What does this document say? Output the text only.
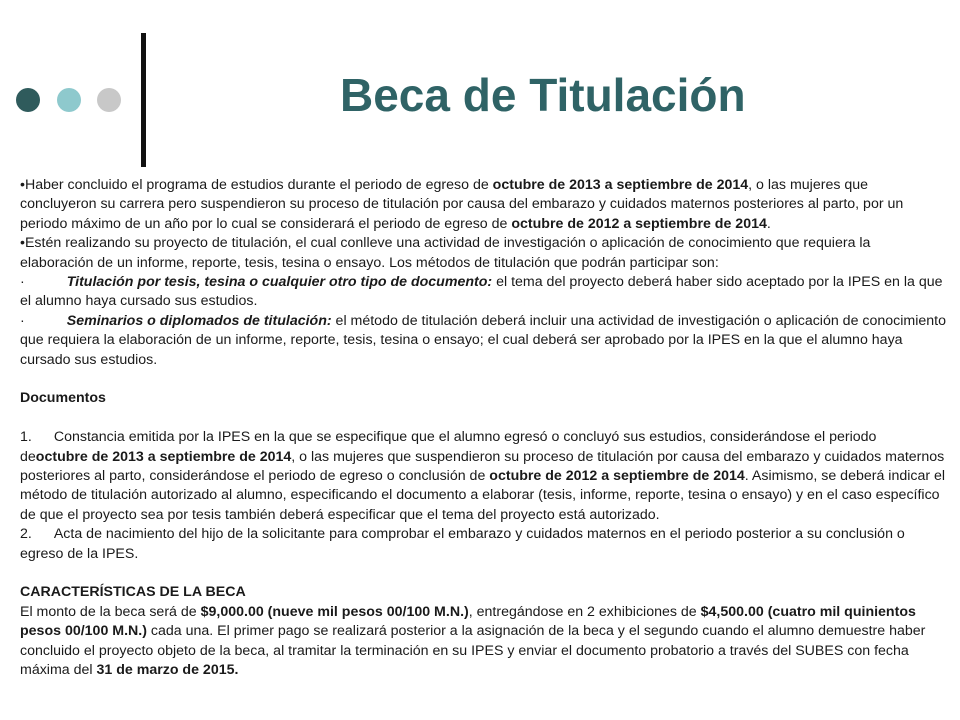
Beca de Titulación

•Haber concluido el programa de estudios durante el periodo de egreso de octubre de 2013 a septiembre de 2014, o las mujeres que concluyeron su carrera pero suspendieron su proceso de titulación por causa del embarazo y cuidados maternos posteriores al parto, por un periodo máximo de un año por lo cual se considerará el periodo de egreso de octubre de 2012 a septiembre de 2014.

•Estén realizando su proyecto de titulación, el cual conlleve una actividad de investigación o aplicación de conocimiento que requiera la elaboración de un informe, reporte, tesis, tesina o ensayo. Los métodos de titulación que podrán participar son:

·	Titulación por tesis, tesina o cualquier otro tipo de documento: el tema del proyecto deberá haber sido aceptado por la IPES en la que el alumno haya cursado sus estudios.

·	Seminarios o diplomados de titulación: el método de titulación deberá incluir una actividad de investigación o aplicación de conocimiento que requiera la elaboración de un informe, reporte, tesis, tesina o ensayo; el cual deberá ser aprobado por la IPES en la que el alumno haya cursado sus estudios.

Documentos

1. Constancia emitida por la IPES en la que se especifique que el alumno egresó o concluyó sus estudios, considerándose el periodo deoctubre de 2013 a septiembre de 2014, o las mujeres que suspendieron su proceso de titulación por causa del embarazo y cuidados maternos posteriores al parto, considerándose el periodo de egreso o conclusión de octubre de 2012 a septiembre de 2014. Asimismo, se deberá indicar el método de titulación autorizado al alumno, especificando el documento a elaborar (tesis, informe, reporte, tesina o ensayo) y en el caso específico de que el proyecto sea por tesis también deberá especificar que el tema del proyecto está autorizado.

2. Acta de nacimiento del hijo de la solicitante para comprobar el embarazo y cuidados maternos en el periodo posterior a su conclusión o egreso de la IPES.

CARACTERÍSTICAS DE LA BECA

El monto de la beca será de $9,000.00 (nueve mil pesos 00/100 M.N.), entregándose en 2 exhibiciones de $4,500.00 (cuatro mil quinientos pesos 00/100 M.N.) cada una. El primer pago se realizará posterior a la asignación de la beca y el segundo cuando el alumno demuestre haber concluido el proyecto objeto de la beca, al tramitar la terminación en su IPES y enviar el documento probatorio a través del SUBES con fecha máxima del 31 de marzo de 2015.
